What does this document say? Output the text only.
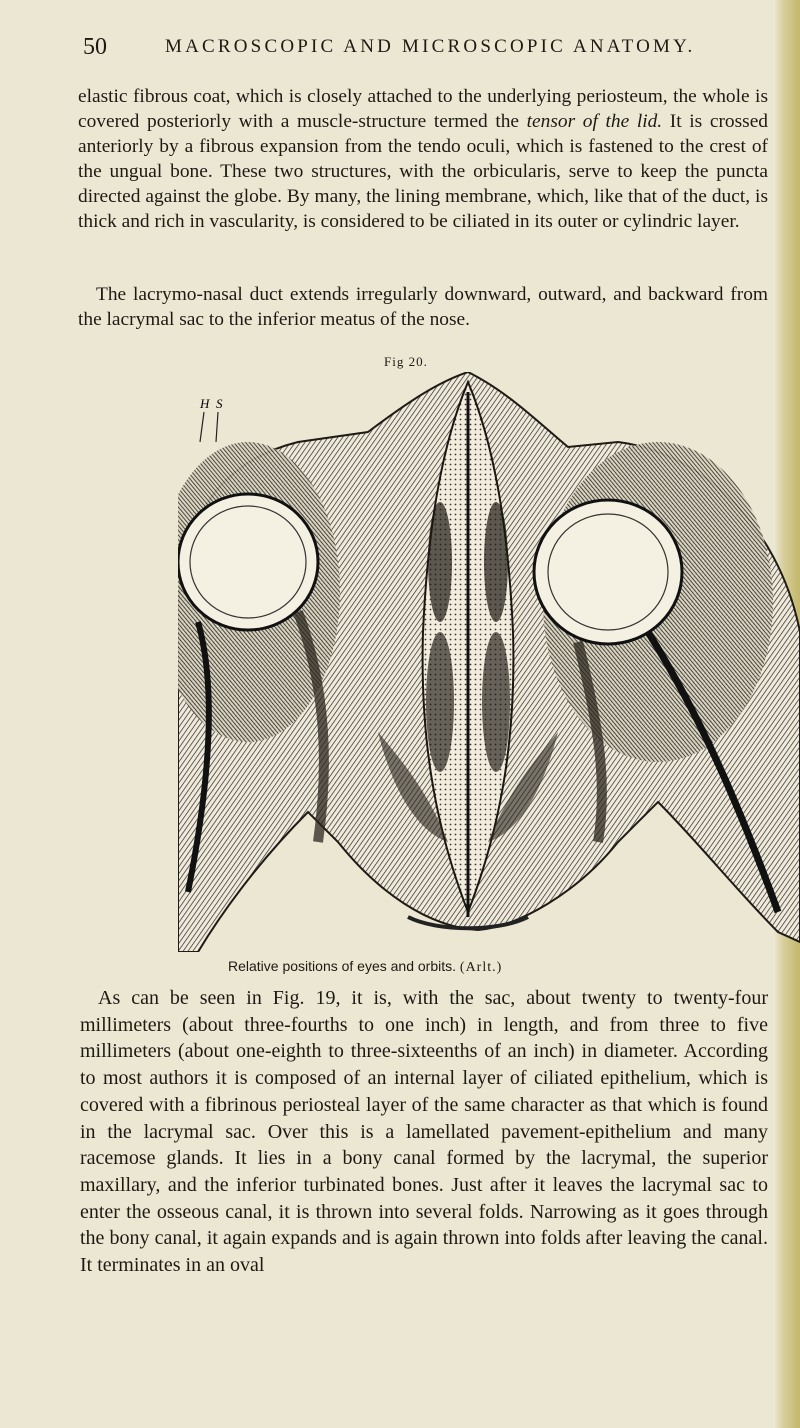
50	MACROSCOPIC AND MICROSCOPIC ANATOMY.

elastic fibrous coat, which is closely attached to the underlying periosteum, the whole is covered posteriorly with a muscle-structure termed the tensor of the lid. It is crossed anteriorly by a fibrous expansion from the tendo oculi, which is fastened to the crest of the ungual bone. These two structures, with the orbicularis, serve to keep the puncta directed against the globe. By many, the lining membrane, which, like that of the duct, is thick and rich in vascularity, is considered to be ciliated in its outer or cylindric layer.

The lacrymo-nasal duct extends irregularly downward, outward, and backward from the lacrymal sac to the inferior meatus of the nose.

Fig 20.
H S
Relative positions of eyes and orbits. (Arlt.)

As can be seen in Fig. 19, it is, with the sac, about twenty to twenty-four millimeters (about three-fourths to one inch) in length, and from three to five millimeters (about one-eighth to three-sixteenths of an inch) in diameter. According to most authors it is composed of an internal layer of ciliated epithelium, which is covered with a fibrinous periosteal layer of the same character as that which is found in the lacrymal sac. Over this is a lamellated pavement-epithelium and many racemose glands. It lies in a bony canal formed by the lacrymal, the superior maxillary, and the inferior turbinated bones. Just after it leaves the lacrymal sac to enter the osseous canal, it is thrown into several folds. Narrowing as it goes through the bony canal, it again expands and is again thrown into folds after leaving the canal. It terminates in an oval
